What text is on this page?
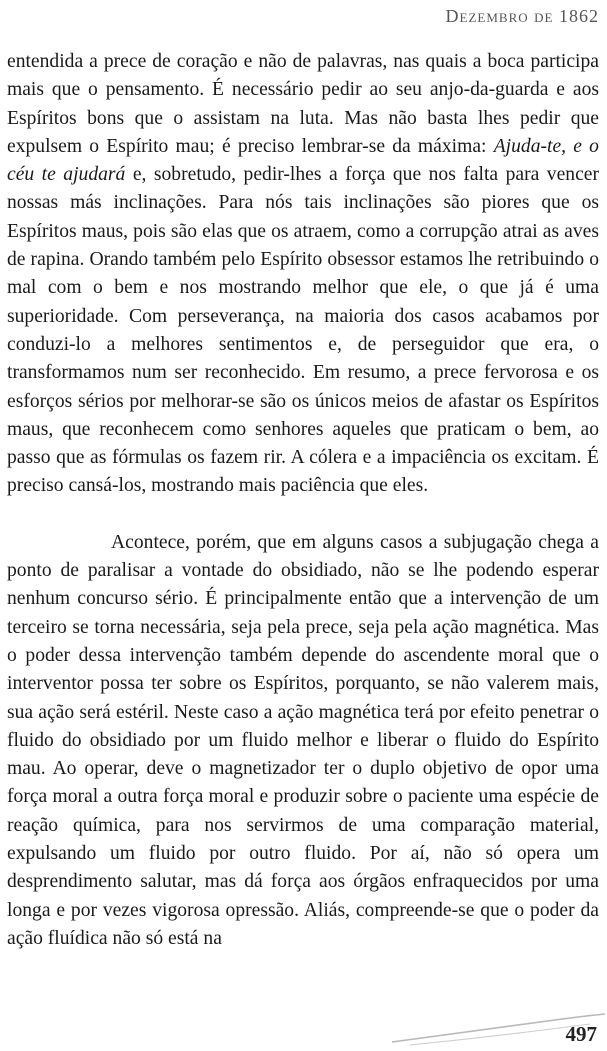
Dezembro de 1862

entendida a prece de coração e não de palavras, nas quais a boca participa mais que o pensamento. É necessário pedir ao seu anjo-da-guarda e aos Espíritos bons que o assistam na luta. Mas não basta lhes pedir que expulsem o Espírito mau; é preciso lembrar-se da máxima: Ajuda-te, e o céu te ajudará e, sobretudo, pedir-lhes a força que nos falta para vencer nossas más inclinações. Para nós tais inclinações são piores que os Espíritos maus, pois são elas que os atraem, como a corrupção atrai as aves de rapina. Orando também pelo Espírito obsessor estamos lhe retribuindo o mal com o bem e nos mostrando melhor que ele, o que já é uma superioridade. Com perseverança, na maioria dos casos acabamos por conduzi-lo a melhores sentimentos e, de perseguidor que era, o transformamos num ser reconhecido. Em resumo, a prece fervorosa e os esforços sérios por melhorar-se são os únicos meios de afastar os Espíritos maus, que reconhecem como senhores aqueles que praticam o bem, ao passo que as fórmulas os fazem rir. A cólera e a impaciência os excitam. É preciso cansá-los, mostrando mais paciência que eles.

Acontece, porém, que em alguns casos a subjugação chega a ponto de paralisar a vontade do obsidiado, não se lhe podendo esperar nenhum concurso sério. É principalmente então que a intervenção de um terceiro se torna necessária, seja pela prece, seja pela ação magnética. Mas o poder dessa intervenção também depende do ascendente moral que o interventor possa ter sobre os Espíritos, porquanto, se não valerem mais, sua ação será estéril. Neste caso a ação magnética terá por efeito penetrar o fluido do obsidiado por um fluido melhor e liberar o fluido do Espírito mau. Ao operar, deve o magnetizador ter o duplo objetivo de opor uma força moral a outra força moral e produzir sobre o paciente uma espécie de reação química, para nos servirmos de uma comparação material, expulsando um fluido por outro fluido. Por aí, não só opera um desprendimento salutar, mas dá força aos órgãos enfraquecidos por uma longa e por vezes vigorosa opressão. Aliás, compreende-se que o poder da ação fluídica não só está na

497
